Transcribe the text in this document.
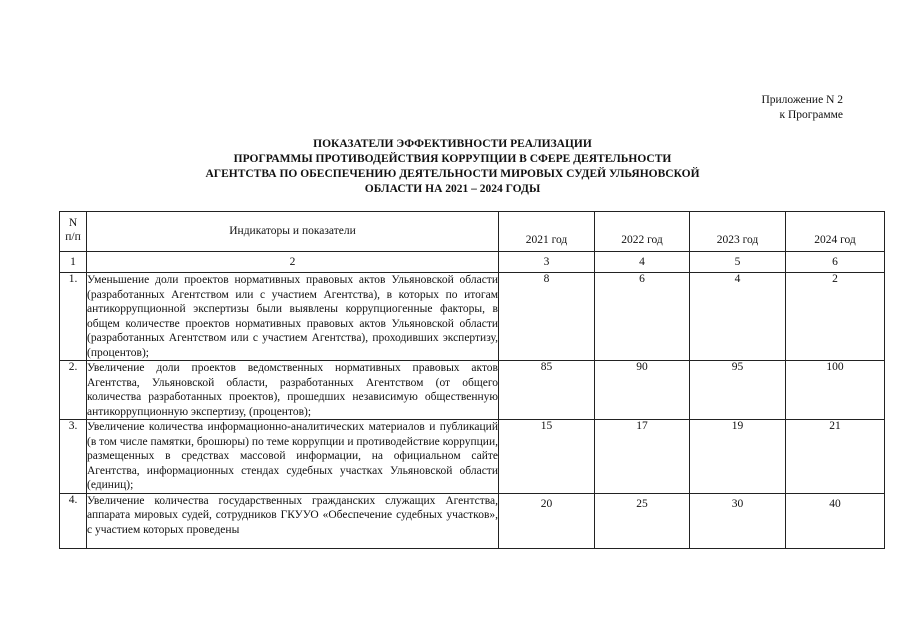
Приложение N 2
к Программе
ПОКАЗАТЕЛИ ЭФФЕКТИВНОСТИ РЕАЛИЗАЦИИ
ПРОГРАММЫ ПРОТИВОДЕЙСТВИЯ КОРРУПЦИИ В СФЕРЕ ДЕЯТЕЛЬНОСТИ
АГЕНТСТВА ПО ОБЕСПЕЧЕНИЮ ДЕЯТЕЛЬНОСТИ МИРОВЫХ СУДЕЙ УЛЬЯНОВСКОЙ
ОБЛАСТИ НА 2021 – 2024 ГОДЫ
N
п/п	Индикаторы и показатели	2021 год	2022 год	2023 год	2024 год
1	2	3	4	5	6
1.	Уменьшение доли проектов нормативных правовых актов Ульяновской области (разработанных Агентством или с участием Агентства), в которых по итогам антикоррупционной экспертизы были выявлены коррупциогенные факторы, в общем количестве проектов нормативных правовых актов Ульяновской области (разработанных Агентством или с участием Агентства), проходивших экспертизу, (процентов);	8	6	4	2
2.	Увеличение доли проектов ведомственных нормативных правовых актов Агентства, Ульяновской области, разработанных Агентством (от общего количества разработанных проектов), прошедших независимую общественную антикоррупционную экспертизу, (процентов);	85	90	95	100
3.	Увеличение количества информационно-аналитических материалов и публикаций (в том числе памятки, брошюры) по теме коррупции и противодействие коррупции, размещенных в средствах массовой информации, на официальном сайте Агентства, информационных стендах судебных участках Ульяновской области (единиц);	15	17	19	21
4.	Увеличение количества государственных гражданских служащих Агентства, аппарата мировых судей, сотрудников ГКУУО «Обеспечение судебных участков», с участием которых проведены	20	25	30	40
